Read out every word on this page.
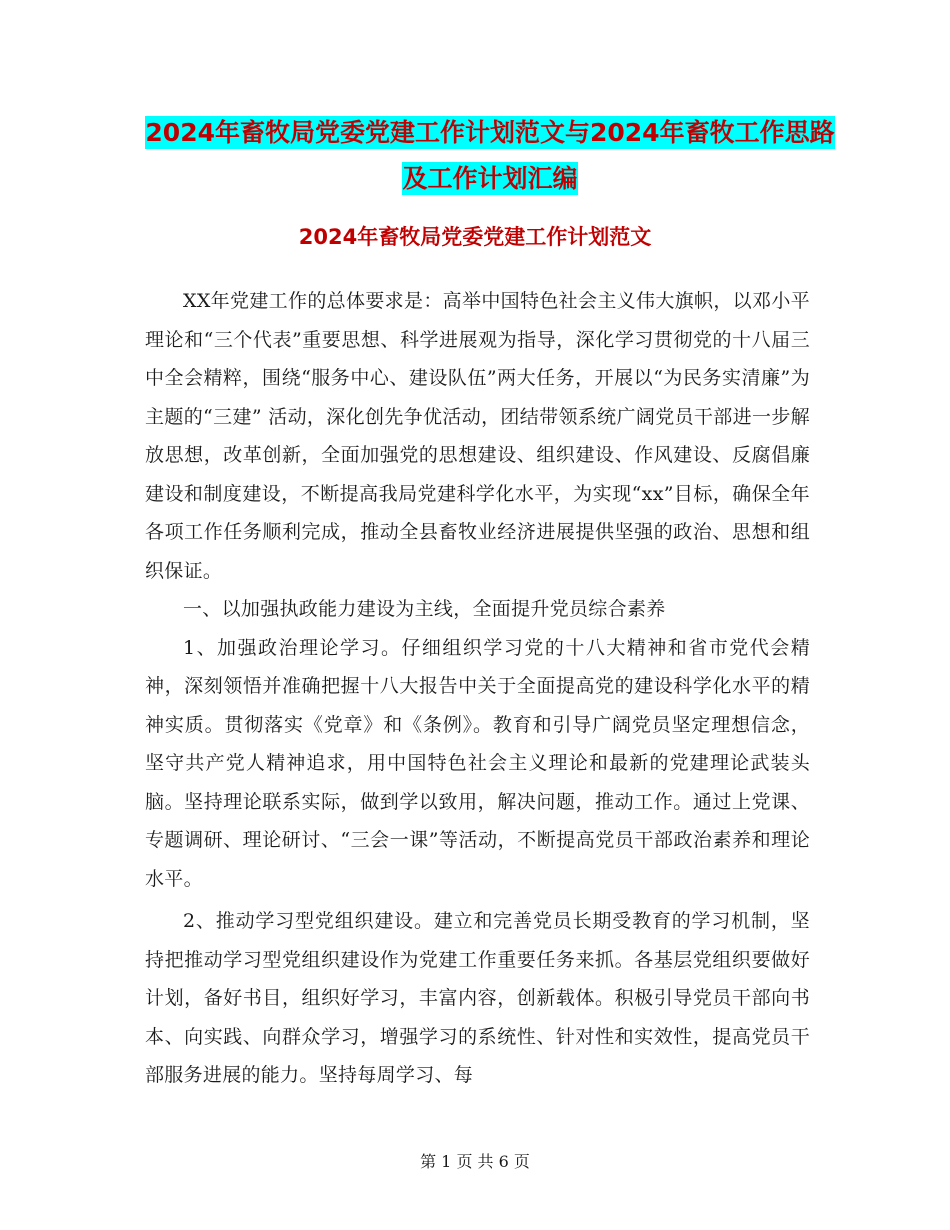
2024年畜牧局党委党建工作计划范文与2024年畜牧工作思路及工作计划汇编
2024年畜牧局党委党建工作计划范文

XX年党建工作的总体要求是：高举中国特色社会主义伟大旗帜，以邓小平理论和“三个代表”重要思想、科学进展观为指导，深化学习贯彻党的十八届三中全会精粹，围绕“服务中心、建设队伍”两大任务，开展以“为民务实清廉”为主题的“三建” 活动，深化创先争优活动，团结带领系统广阔党员干部进一步解放思想，改革创新，全面加强党的思想建设、组织建设、作风建设、反腐倡廉建设和制度建设，不断提高我局党建科学化水平，为实现“xx”目标，确保全年各项工作任务顺利完成，推动全县畜牧业经济进展提供坚强的政治、思想和组织保证。

一、以加强执政能力建设为主线，全面提升党员综合素养

1、加强政治理论学习。仔细组织学习党的十八大精神和省市党代会精神，深刻领悟并准确把握十八大报告中关于全面提高党的建设科学化水平的精神实质。贯彻落实《党章》和《条例》。教育和引导广阔党员坚定理想信念，坚守共产党人精神追求，用中国特色社会主义理论和最新的党建理论武装头脑。坚持理论联系实际，做到学以致用，解决问题，推动工作。通过上党课、专题调研、理论研讨、“三会一课”等活动，不断提高党员干部政治素养和理论水平。

2、推动学习型党组织建设。建立和完善党员长期受教育的学习机制，坚持把推动学习型党组织建设作为党建工作重要任务来抓。各基层党组织要做好计划，备好书目，组织好学习，丰富内容，创新载体。积极引导党员干部向书本、向实践、向群众学习，增强学习的系统性、针对性和实效性，提高党员干部服务进展的能力。坚持每周学习、每

第 1 页 共 6 页
